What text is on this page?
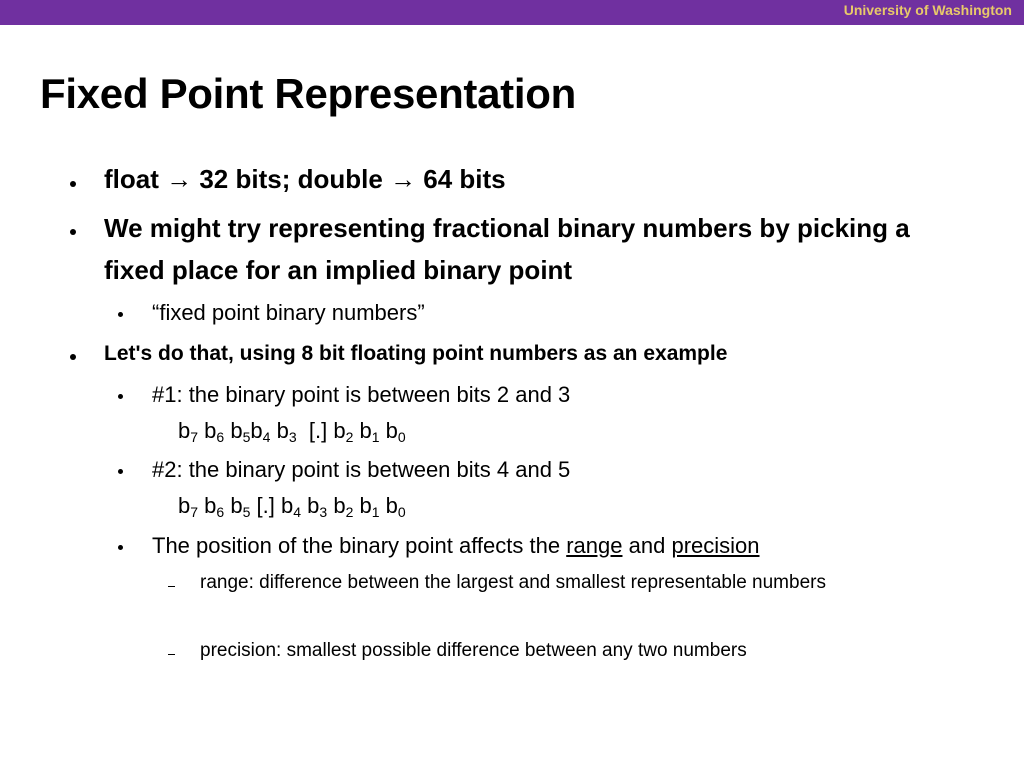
University of Washington
Fixed Point Representation
float → 32 bits; double → 64 bits
We might try representing fractional binary numbers by picking a fixed place for an implied binary point
“fixed point binary numbers”
Let's do that, using 8 bit floating point numbers as an example
#1: the binary point is between bits 2 and 3
$b_7$ $b_6$ $b_5b_4$ $b_3$ [.] $b_2$ $b_1$ $b_0$
#2: the binary point is between bits 4 and 5
$b_7$ $b_6$ $b_5$ [.] $b_4$ $b_3$ $b_2$ $b_1$ $b_0$
The position of the binary point affects the range and precision
range: difference between the largest and smallest representable numbers
precision: smallest possible difference between any two numbers
